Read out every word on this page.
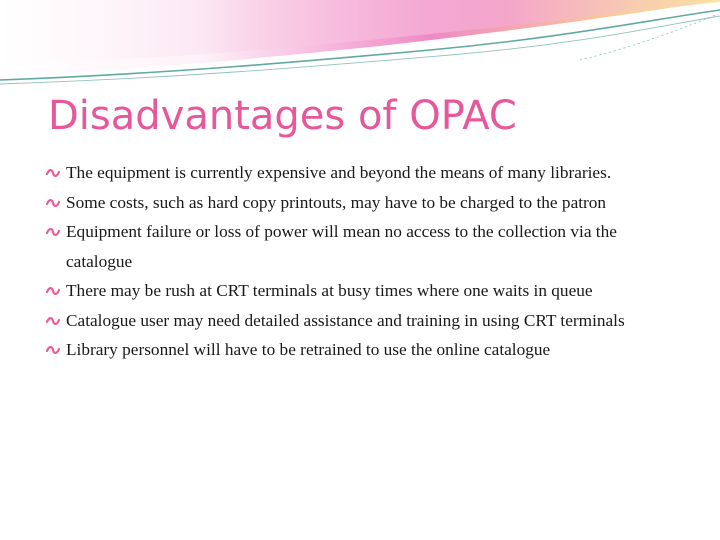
Disadvantages of OPAC
The equipment is currently expensive and beyond the means of many libraries.
Some costs, such as hard copy printouts, may have to be charged to the patron
Equipment failure or loss of power will mean no access to the collection via the catalogue
There may be rush at CRT terminals at busy times where one waits in queue
Catalogue user may need detailed assistance and training in using CRT terminals
Library personnel will have to be retrained to use the online catalogue
